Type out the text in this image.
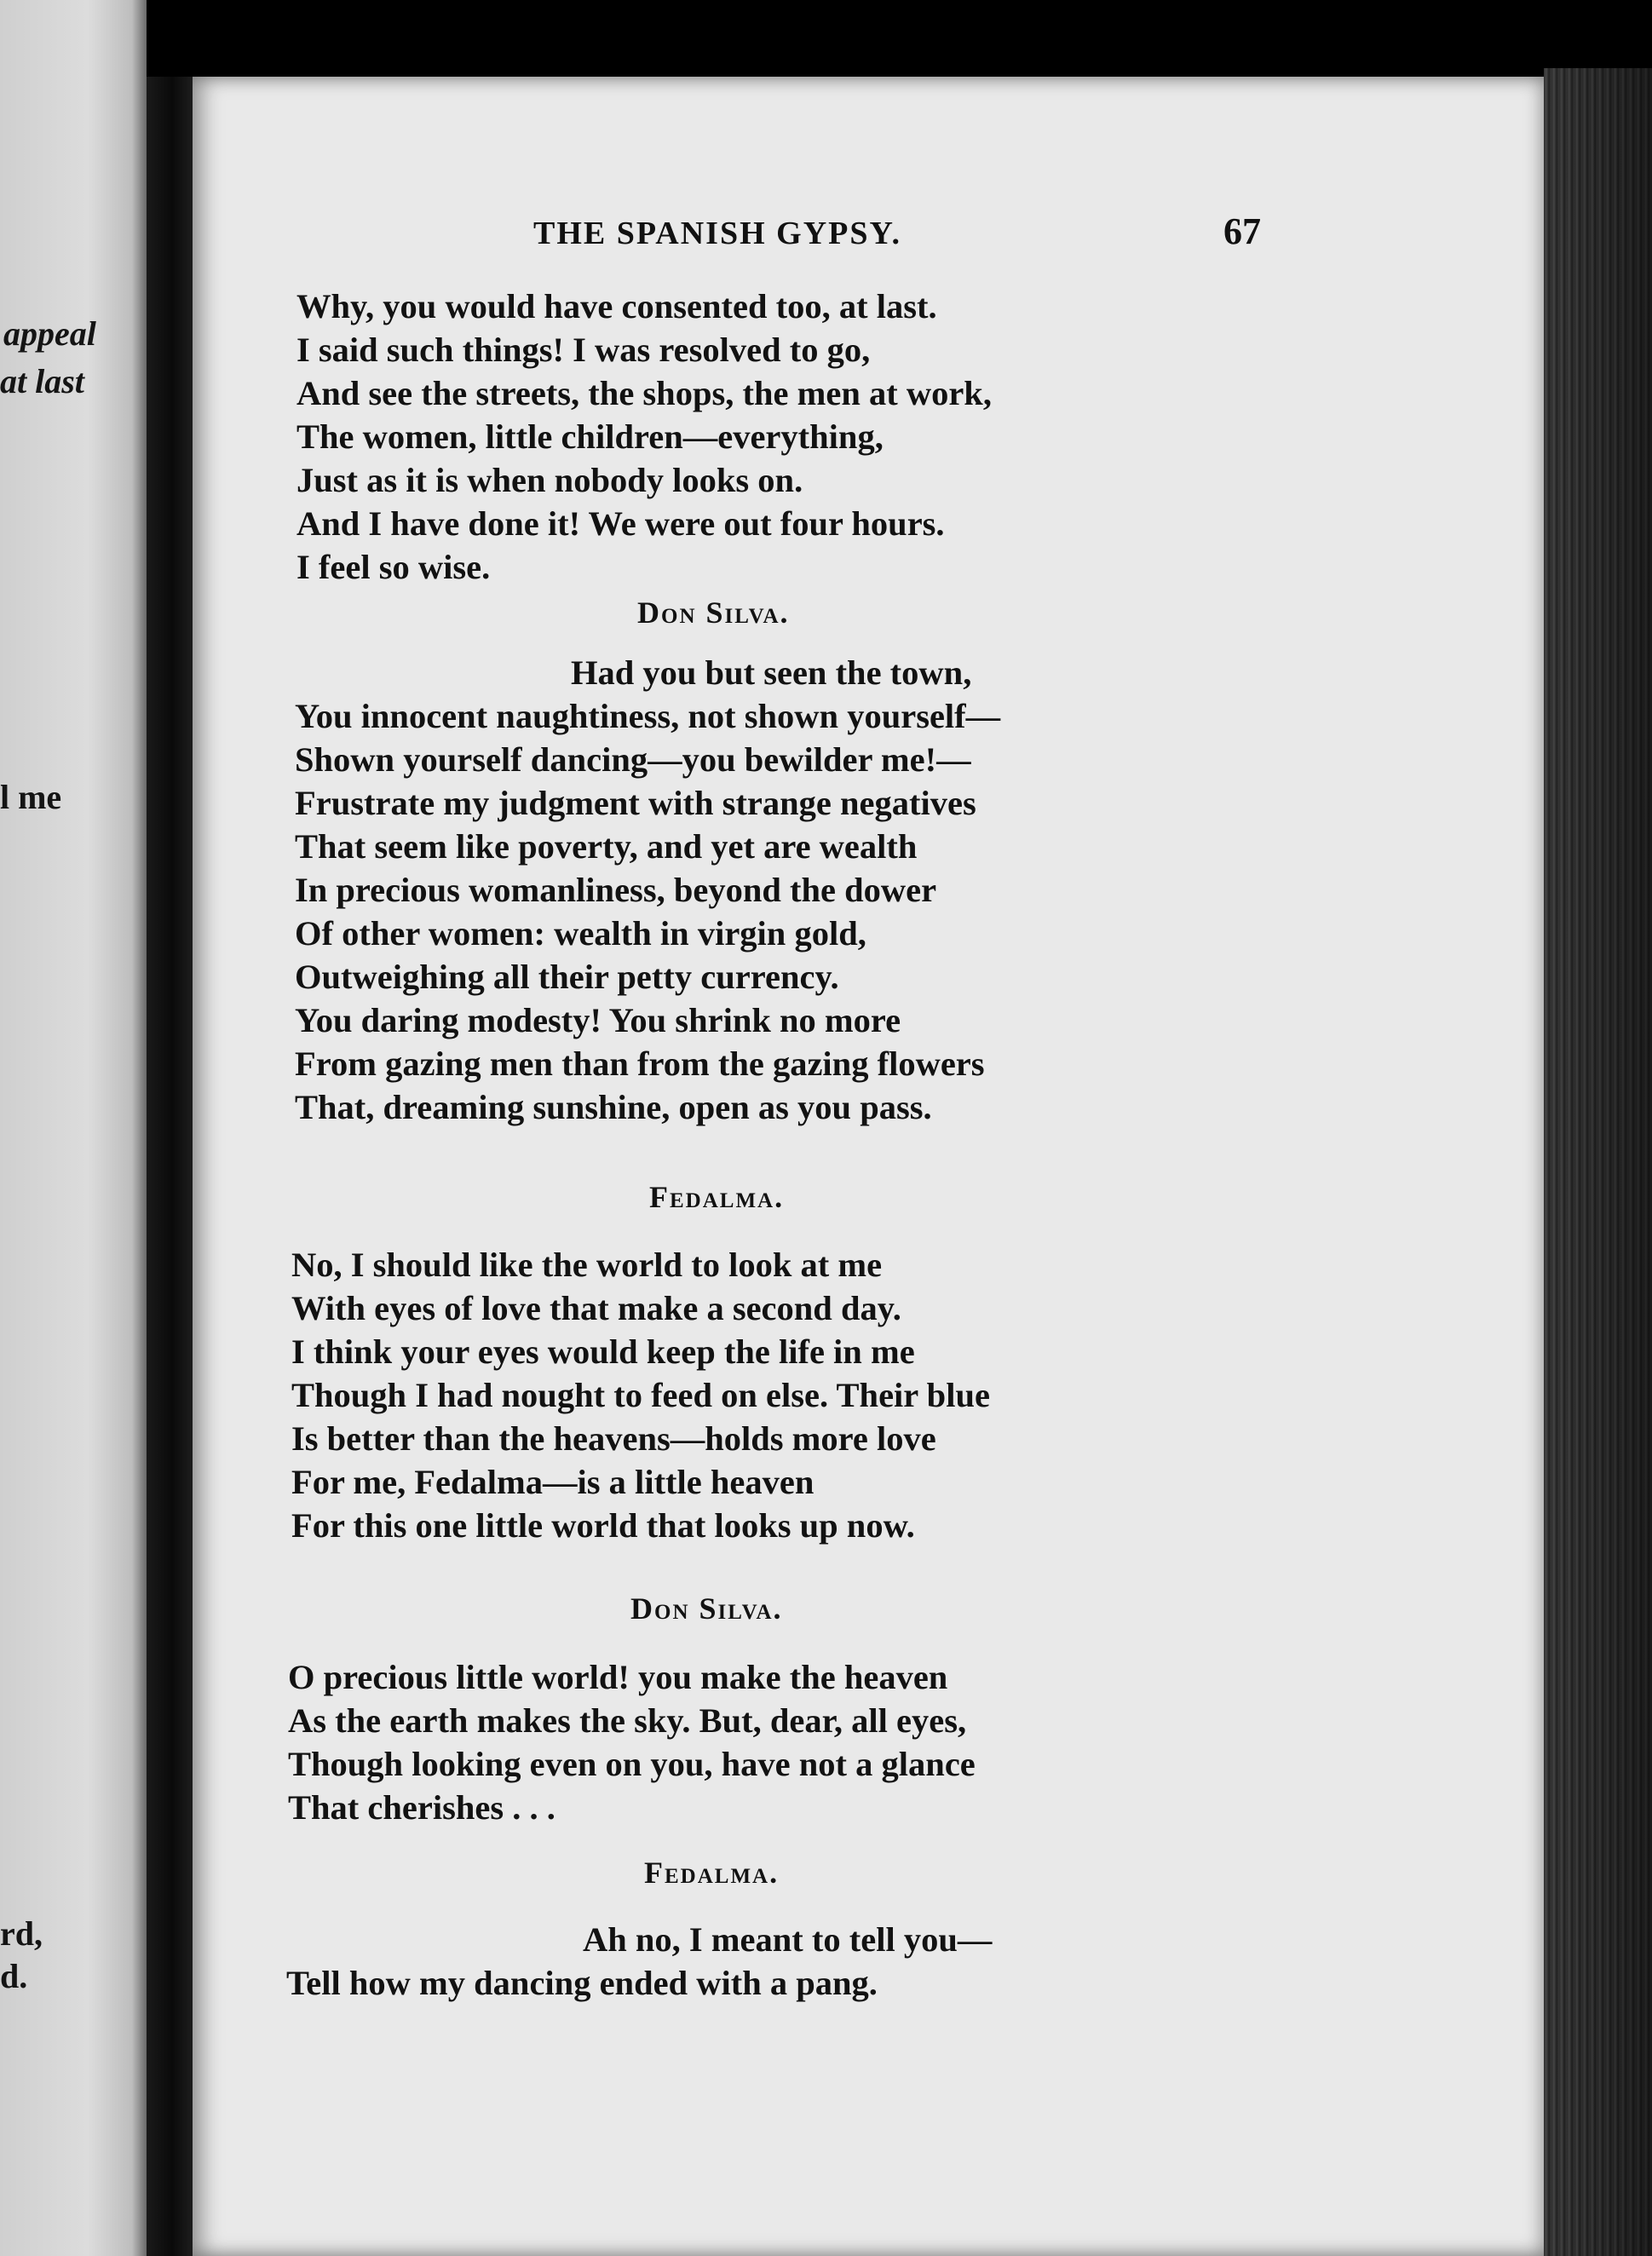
appeal
at last
l me
rd,
d.
THE SPANISH GYPSY.	67
Why, you would have consented too, at last.
I said such things! I was resolved to go,
And see the streets, the shops, the men at work,
The women, little children—everything,
Just as it is when nobody looks on.
And I have done it! We were out four hours.
I feel so wise.
Don Silva.
Had you but seen the town,
You innocent naughtiness, not shown yourself—
Shown yourself dancing—you bewilder me!—
Frustrate my judgment with strange negatives
That seem like poverty, and yet are wealth
In precious womanliness, beyond the dower
Of other women: wealth in virgin gold,
Outweighing all their petty currency.
You daring modesty! You shrink no more
From gazing men than from the gazing flowers
That, dreaming sunshine, open as you pass.
Fedalma.
No, I should like the world to look at me
With eyes of love that make a second day.
I think your eyes would keep the life in me
Though I had nought to feed on else. Their blue
Is better than the heavens—holds more love
For me, Fedalma—is a little heaven
For this one little world that looks up now.
Don Silva.
O precious little world! you make the heaven
As the earth makes the sky. But, dear, all eyes,
Though looking even on you, have not a glance
That cherishes . . .
Fedalma.
Ah no, I meant to tell you—
Tell how my dancing ended with a pang.
